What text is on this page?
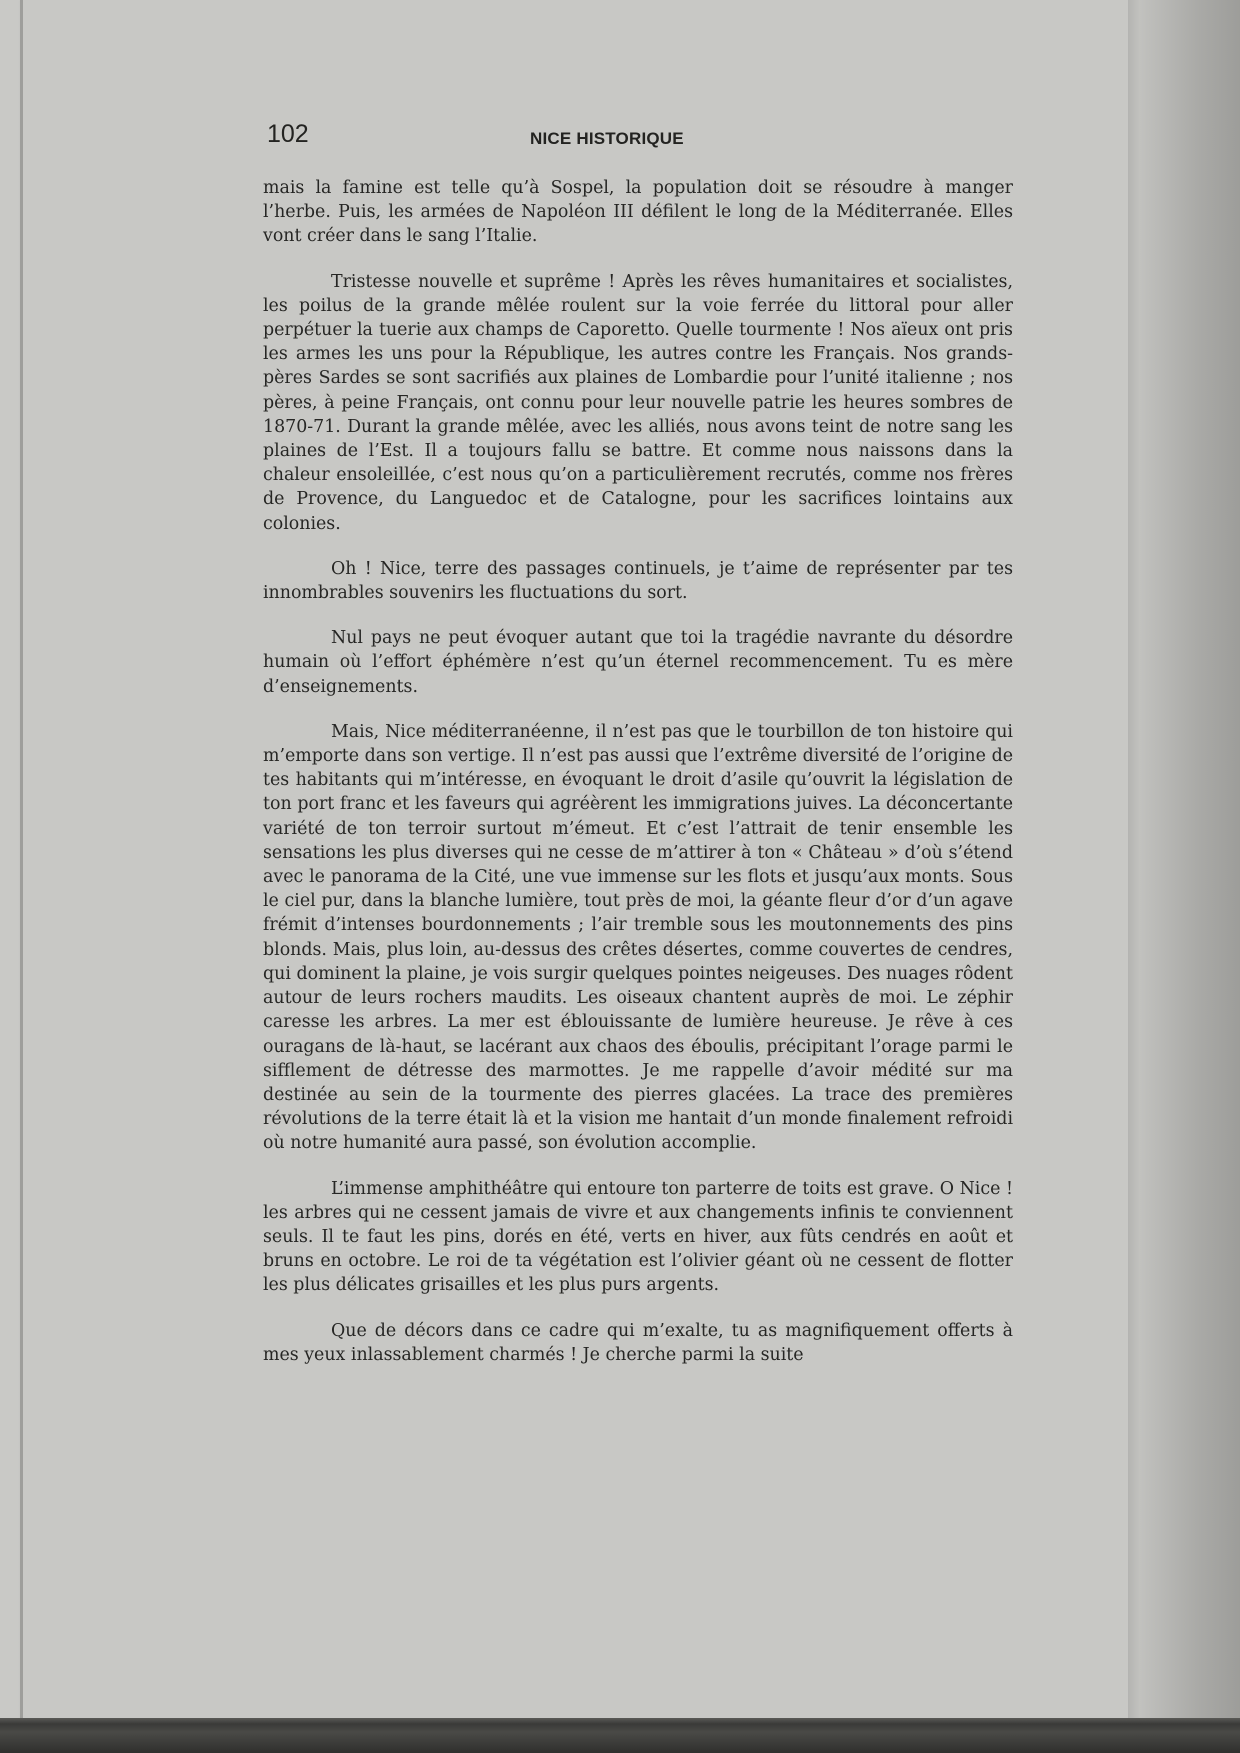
102	NICE HISTORIQUE

mais la famine est telle qu’à Sospel, la population doit se résoudre à manger l’herbe. Puis, les armées de Napoléon III défilent le long de la Méditerranée. Elles vont créer dans le sang l’Italie.

Tristesse nouvelle et suprême ! Après les rêves humanitaires et socialistes, les poilus de la grande mêlée roulent sur la voie ferrée du littoral pour aller perpétuer la tuerie aux champs de Caporetto. Quelle tourmente ! Nos aïeux ont pris les armes les uns pour la République, les autres contre les Français. Nos grands-pères Sardes se sont sacrifiés aux plaines de Lombardie pour l’unité italienne ; nos pères, à peine Français, ont connu pour leur nouvelle patrie les heures sombres de 1870-71. Durant la grande mêlée, avec les alliés, nous avons teint de notre sang les plaines de l’Est. Il a toujours fallu se battre. Et comme nous naissons dans la chaleur ensoleillée, c’est nous qu’on a particulièrement recrutés, comme nos frères de Provence, du Languedoc et de Catalogne, pour les sacrifices lointains aux colonies.

Oh ! Nice, terre des passages continuels, je t’aime de représenter par tes innombrables souvenirs les fluctuations du sort.

Nul pays ne peut évoquer autant que toi la tragédie navrante du désordre humain où l’effort éphémère n’est qu’un éternel recommencement. Tu es mère d’enseignements.

Mais, Nice méditerranéenne, il n’est pas que le tourbillon de ton histoire qui m’emporte dans son vertige. Il n’est pas aussi que l’extrême diversité de l’origine de tes habitants qui m’intéresse, en évoquant le droit d’asile qu’ouvrit la législation de ton port franc et les faveurs qui agréèrent les immigrations juives. La déconcertante variété de ton terroir surtout m’émeut. Et c’est l’attrait de tenir ensemble les sensations les plus diverses qui ne cesse de m’attirer à ton « Château » d’où s’étend avec le panorama de la Cité, une vue immense sur les flots et jusqu’aux monts. Sous le ciel pur, dans la blanche lumière, tout près de moi, la géante fleur d’or d’un agave frémit d’intenses bourdonnements ; l’air tremble sous les moutonnements des pins blonds. Mais, plus loin, au-dessus des crêtes désertes, comme couvertes de cendres, qui dominent la plaine, je vois surgir quelques pointes neigeuses. Des nuages rôdent autour de leurs rochers maudits. Les oiseaux chantent auprès de moi. Le zéphir caresse les arbres. La mer est éblouissante de lumière heureuse. Je rêve à ces ouragans de là-haut, se lacérant aux chaos des éboulis, précipitant l’orage parmi le sifflement de détresse des marmottes. Je me rappelle d’avoir médité sur ma destinée au sein de la tourmente des pierres glacées. La trace des premières révolutions de la terre était là et la vision me hantait d’un monde finalement refroidi où notre humanité aura passé, son évolution accomplie.

L’immense amphithéâtre qui entoure ton parterre de toits est grave. O Nice ! les arbres qui ne cessent jamais de vivre et aux changements infinis te conviennent seuls. Il te faut les pins, dorés en été, verts en hiver, aux fûts cendrés en août et bruns en octobre. Le roi de ta végétation est l’olivier géant où ne cessent de flotter les plus délicates grisailles et les plus purs argents.

Que de décors dans ce cadre qui m’exalte, tu as magnifiquement offerts à mes yeux inlassablement charmés ! Je cherche parmi la suite
